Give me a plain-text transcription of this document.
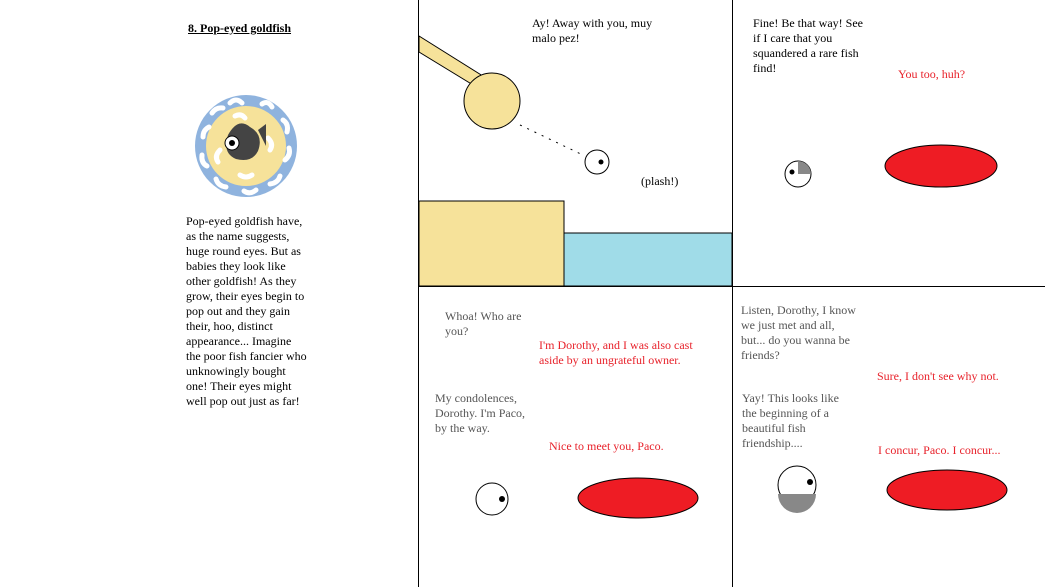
8. Pop-eyed goldfish
Pop-eyed goldfish have, as the name suggests, huge round eyes. But as babies they look like other goldfish! As they grow, their eyes begin to pop out and they gain their, hoo, distinct appearance... Imagine the poor fish fancier who unknowingly bought one! Their eyes might well pop out just as far!
Ay! Away with you, muy malo pez!
(plash!)
Fine! Be that way! See if I care that you squandered a rare fish find!	You too, huh?
Whoa! Who are you?
I'm Dorothy, and I was also cast aside by an ungrateful owner.
My condolences, Dorothy. I'm Paco, by the way.
Nice to meet you, Paco.
Listen, Dorothy, I know we just met and all, but... do you wanna be friends?
Sure, I don't see why not.
Yay! This looks like the beginning of a beautiful fish friendship....	I concur, Paco. I concur...
